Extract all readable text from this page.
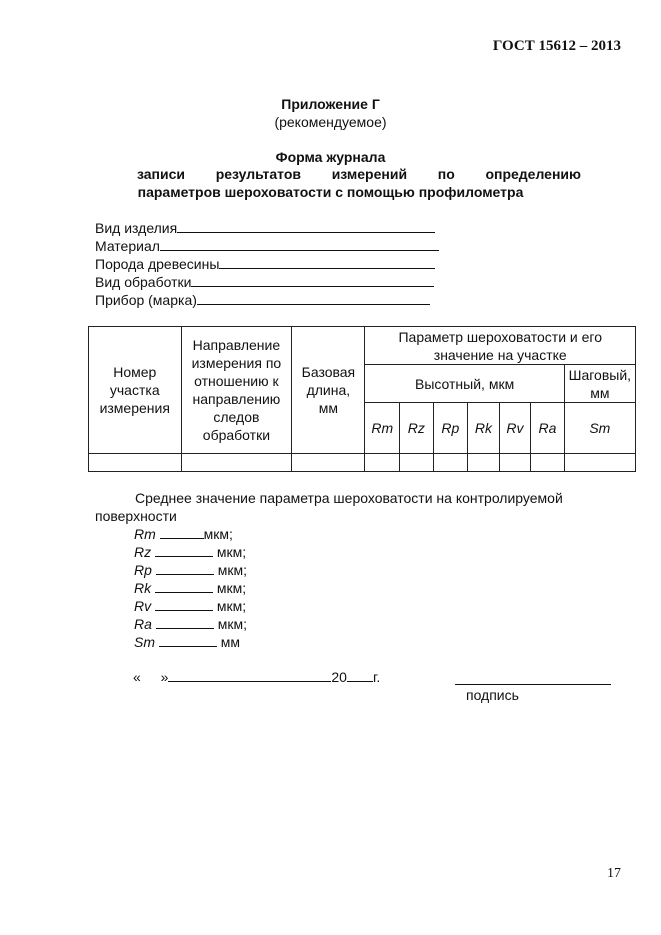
ГОСТ 15612 – 2013
Приложение Г
(рекомендуемое)
Форма журнала
записи результатов измерений по определению
параметров шероховатости с помощью профилометра
Вид изделия
Материал
Порода древесины
Вид обработки
Прибор (марка)
Номер участка измерения	Направление измерения по отношению к направлению следов обработки	Базовая длина, мм	Параметр шероховатости и его значение на участке						
			Высотный, мкм						Шаговый, мм
			Rm	Rz	Rp	Rk	Rv	Ra	Sm

Среднее значение параметра шероховатости на контролируемой поверхности
Rm	мкм;
Rz	мкм;
Rp	мкм;
Rk	мкм;
Rv	мкм;
Ra	мкм;
Sm	мм
« »	20 г.
подпись
17
